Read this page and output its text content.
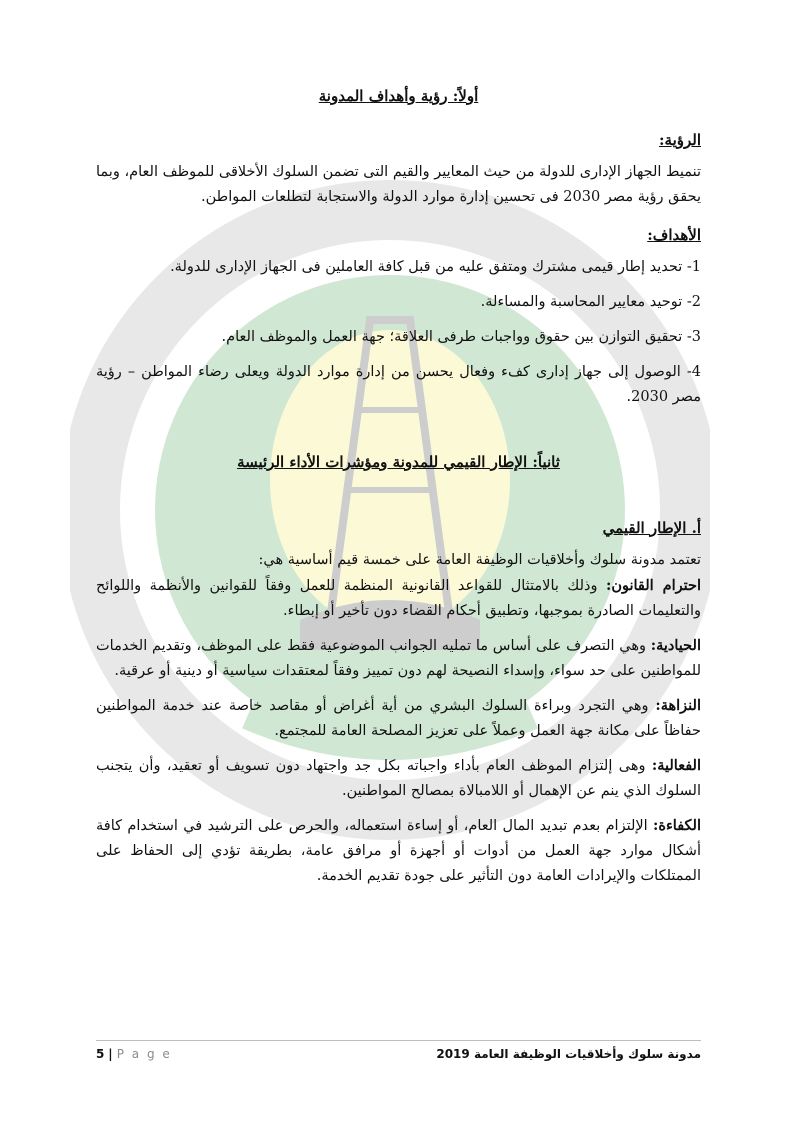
أولاً: رؤية وأهداف المدونة
الرؤية:

تنميط الجهاز الإدارى للدولة من حيث المعايير والقيم التى تضمن السلوك الأخلاقى للموظف العام، وبما يحقق رؤية مصر 2030 فى تحسين إدارة موارد الدولة والاستجابة لتطلعات المواطن.

الأهداف:

1- تحديد إطار قيمى مشترك ومتفق عليه من قبل كافة العاملين فى الجهاز الإدارى للدولة.

2- توحيد معايير المحاسبة والمساءلة.

3- تحقيق التوازن بين حقوق وواجبات طرفى العلاقة؛ جهة العمل والموظف العام.

4- الوصول إلى جهاز إدارى كفء وفعال يحسن من إدارة موارد الدولة ويعلى رضاء المواطن – رؤية مصر 2030.

ثانياً: الإطار القيمي للمدونة ومؤشرات الأداء الرئيسة
أ. الإطار القيمي

تعتمد مدونة سلوك وأخلاقيات الوظيفة العامة على خمسة قيم أساسية هي:

احترام القانون: وذلك بالامتثال للقواعد القانونية المنظمة للعمل وفقاً للقوانين والأنظمة واللوائح والتعليمات الصادرة بموجبها، وتطبيق أحكام القضاء دون تأخير أو إبطاء.

الحيادية: وهي التصرف على أساس ما تمليه الجوانب الموضوعية فقط على الموظف، وتقديم الخدمات للمواطنين على حد سواء، وإسداء النصيحة لهم دون تمييز وفقاً لمعتقدات سياسية أو دينية أو عرقية.

النزاهة: وهي التجرد وبراءة السلوك البشري من أية أغراض أو مقاصد خاصة عند خدمة المواطنين حفاظاً على مكانة جهة العمل وعملاً على تعزيز المصلحة العامة للمجتمع.

الفعالية: وهى إلتزام الموظف العام بأداء واجباته بكل جد واجتهاد دون تسويف أو تعقيد، وأن يتجنب السلوك الذي ينم عن الإهمال أو اللامبالاة بمصالح المواطنين.

الكفاءة: الإلتزام بعدم تبديد المال العام، أو إساءة استعماله، والحرص على الترشيد في استخدام كافة أشكال موارد جهة العمل من أدوات أو أجهزة أو مرافق عامة، بطريقة تؤدي إلى الحفاظ على الممتلكات والإيرادات العامة دون التأثير على جودة تقديم الخدمة.

5 | P a g e	مدونة سلوك وأخلاقيات الوظيفة العامة 2019
